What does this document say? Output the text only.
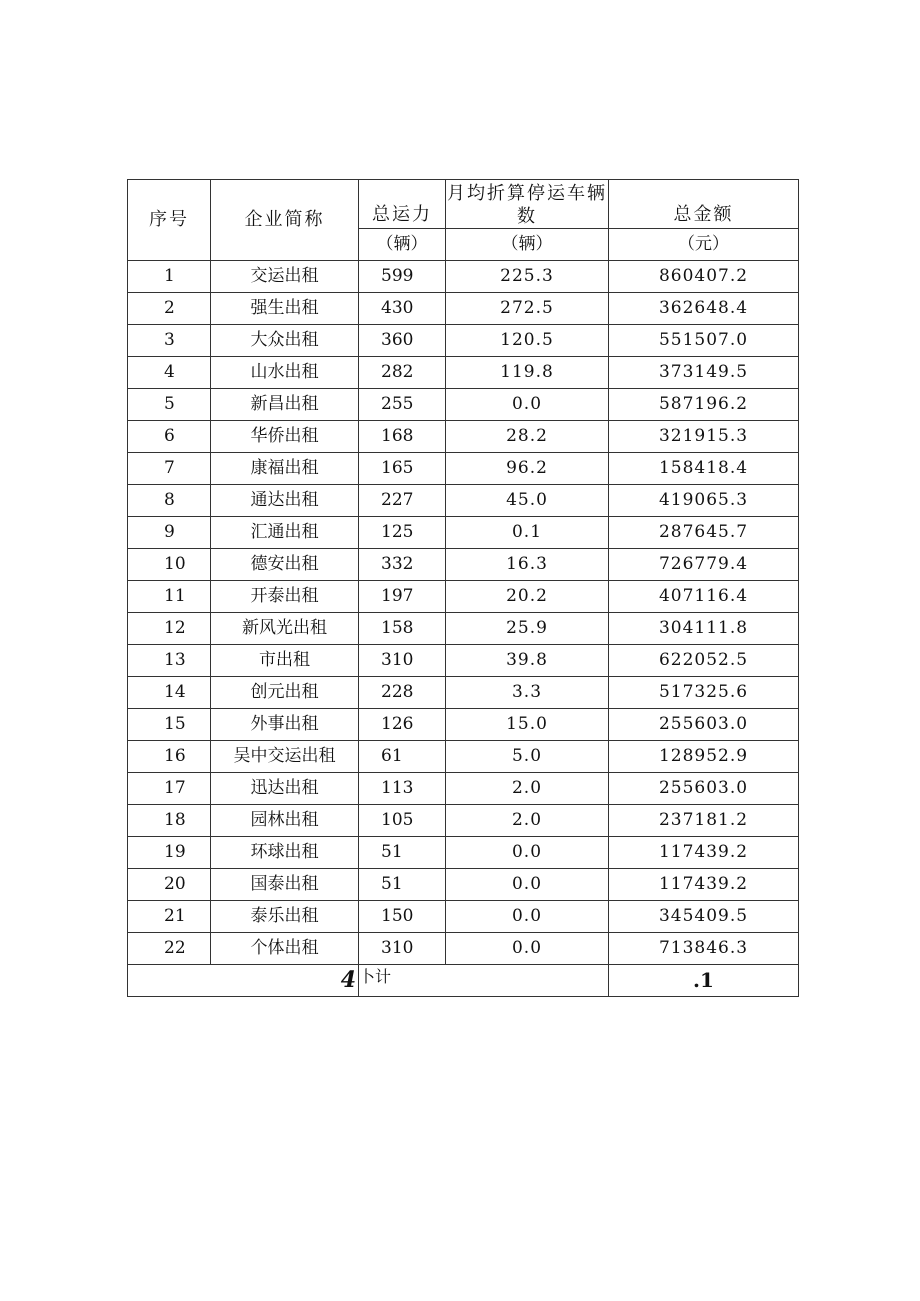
序号	企业简称	总运力	月均折算停运车辆数	总金额
		（辆）	（辆）	（元）
1	交运出租	599	225.3	860407.2
2	强生出租	430	272.5	362648.4
3	大众出租	360	120.5	551507.0
4	山水出租	282	119.8	373149.5
5	新昌出租	255	0.0	587196.2
6	华侨出租	168	28.2	321915.3
7	康福出租	165	96.2	158418.4
8	通达出租	227	45.0	419065.3
9	汇通出租	125	0.1	287645.7
10	德安出租	332	16.3	726779.4
11	开泰出租	197	20.2	407116.4
12	新风光出租	158	25.9	304111.8
13	市出租	310	39.8	622052.5
14	创元出租	228	3.3	517325.6
15	外事出租	126	15.0	255603.0
16	吴中交运出租	61	5.0	128952.9
17	迅达出租	113	2.0	255603.0
18	园林出租	105	2.0	237181.2
19	环球出租	51	0.0	117439.2
20	国泰出租	51	0.0	117439.2
21	泰乐出租	150	0.0	345409.5
22	个体出租	310	0.0	713846.3
4		卜计		.1
